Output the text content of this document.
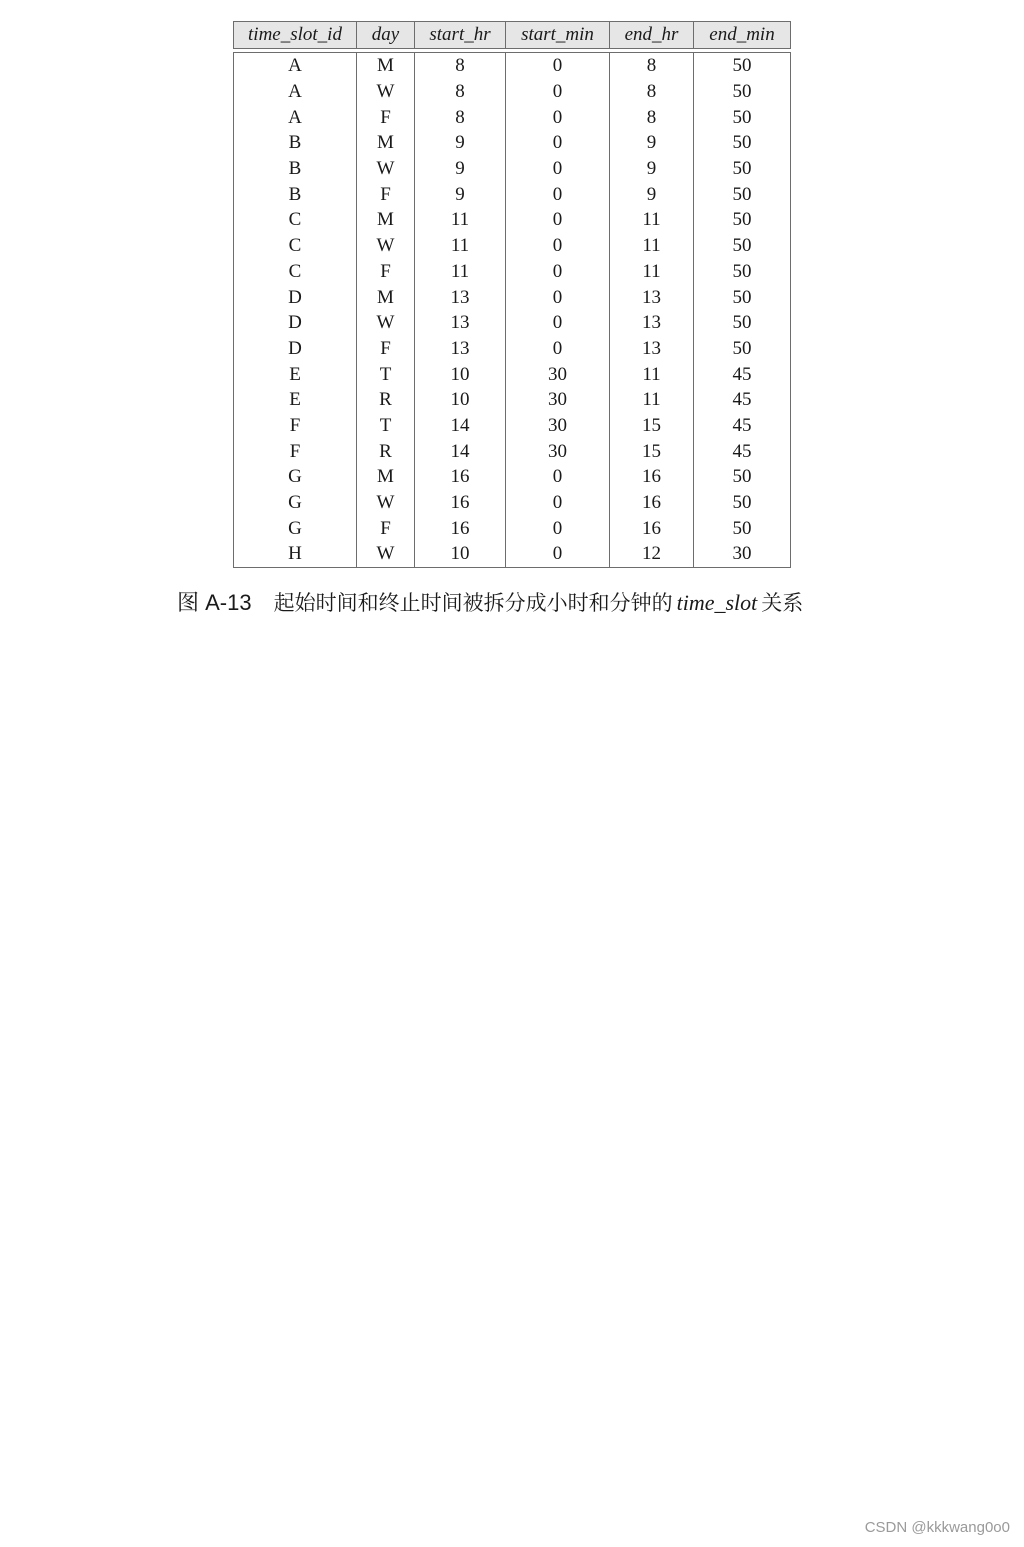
time_slot_id	day	start_hr	start_min	end_hr	end_min

A	M	8	0	8	50
A	W	8	0	8	50
A	F	8	0	8	50
B	M	9	0	9	50
B	W	9	0	9	50
B	F	9	0	9	50
C	M	11	0	11	50
C	W	11	0	11	50
C	F	11	0	11	50
D	M	13	0	13	50
D	W	13	0	13	50
D	F	13	0	13	50
E	T	10	30	11	45
E	R	10	30	11	45
F	T	14	30	15	45
F	R	14	30	15	45
G	M	16	0	16	50
G	W	16	0	16	50
G	F	16	0	16	50
H	W	10	0	12	30
图 A-13 起始时间和终止时间被拆分成小时和分钟的 time_slot 关系
CSDN @kkkwang0o0
